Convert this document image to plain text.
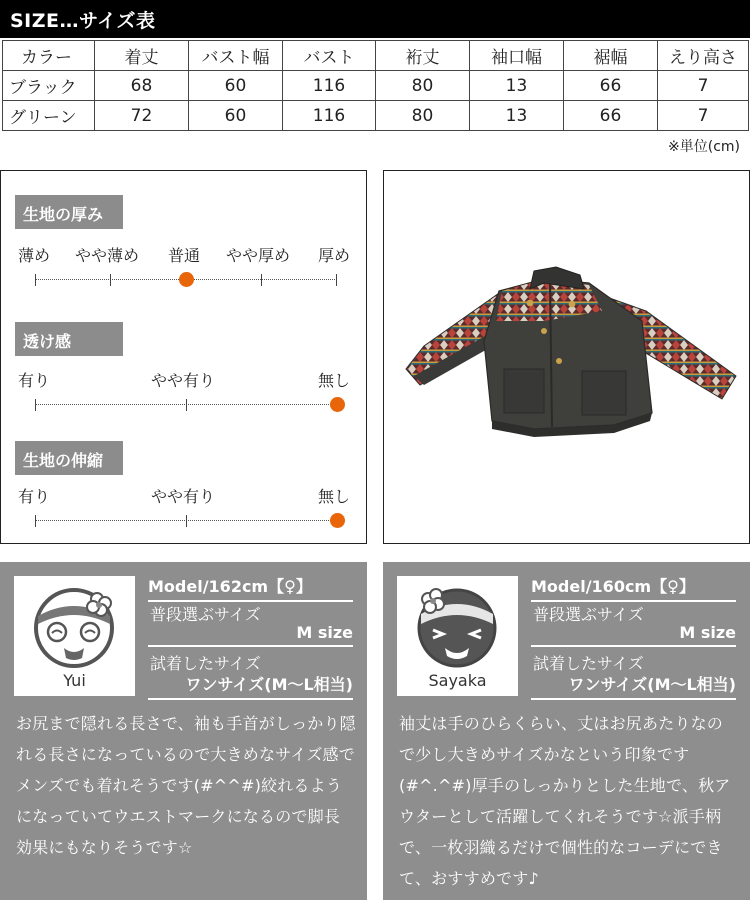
SIZE…サイズ表
カラー	着丈	バスト幅	バスト	裄丈	袖口幅	裾幅	えり高さ
ブラック	68	60	116	80	13	66	7
グリーン	72	60	116	80	13	66	7
※単位(cm)
生地の厚み
薄め やや薄め 普通 やや厚め 厚め
透け感
有り	やや有り	無し
生地の伸縮
有り	やや有り	無し
Yui
Model/162cm【♀】
普段選ぶサイズ
M size
試着したサイズ
ワンサイズ(M〜L相当)
お尻まで隠れる長さで、袖も手首がしっかり隠れる長さになっているので大きめなサイズ感でメンズでも着れそうです(#^^#)絞れるようになっていてウエストマークになるので脚長効果にもなりそうです☆
Sayaka
Model/160cm【♀】
普段選ぶサイズ
M size
試着したサイズ
ワンサイズ(M〜L相当)
袖丈は手のひらくらい、丈はお尻あたりなので少し大きめサイズかなという印象です(#^.^#)厚手のしっかりとした生地で、秋アウターとして活躍してくれそうです☆派手柄で、一枚羽織るだけで個性的なコーデにできて、おすすめです♪
